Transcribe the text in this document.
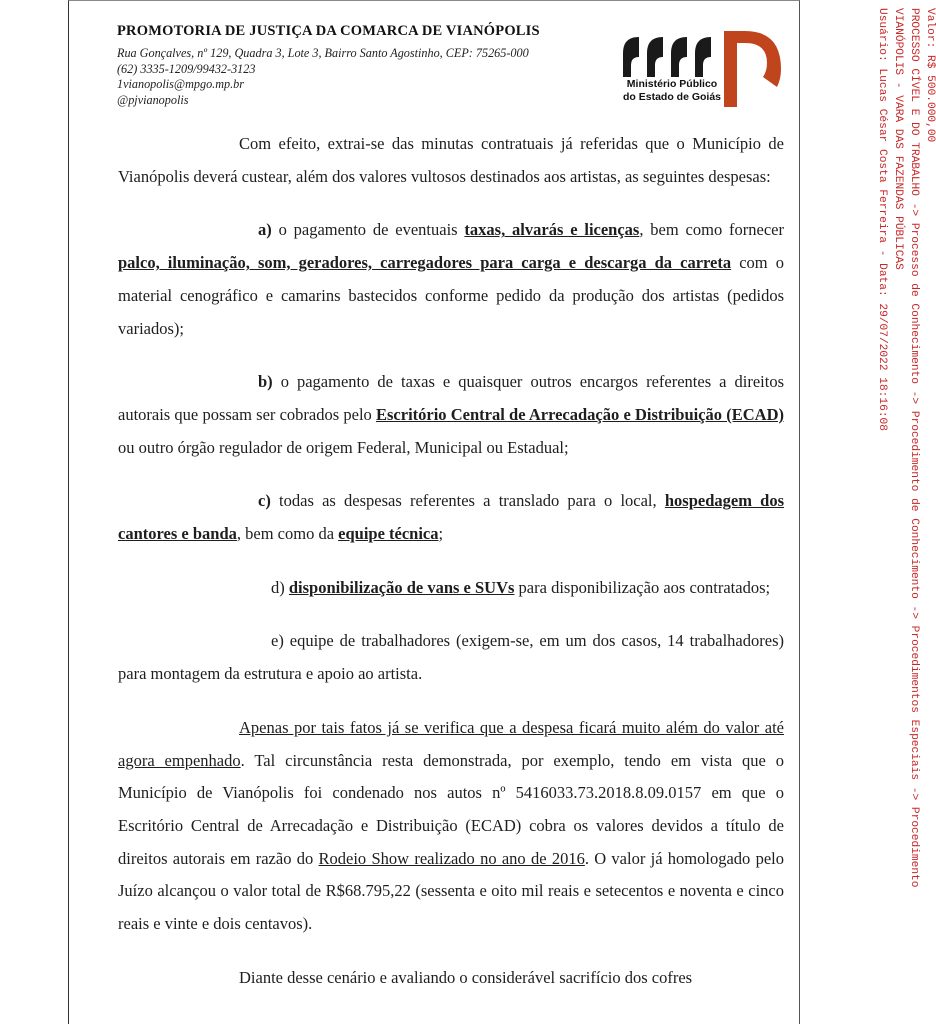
PROMOTORIA DE JUSTIÇA DA COMARCA DE VIANÓPOLIS
Rua Gonçalves, nº 129, Quadra 3, Lote 3, Bairro Santo Agostinho, CEP: 75265-000
(62) 3335-1209/99432-3123
1vianopolis@mpgo.mp.br
@pjvianopolis
Ministério Público
do Estado de Goiás

Com efeito, extrai-se das minutas contratuais já referidas que o Município de Vianópolis deverá custear, além dos valores vultosos destinados aos artistas, as seguintes despesas:

a) o pagamento de eventuais taxas, alvarás e licenças, bem como fornecer palco, iluminação, som, geradores, carregadores para carga e descarga da carreta com o material cenográfico e camarins bastecidos conforme pedido da produção dos artistas (pedidos variados);

b) o pagamento de taxas e quaisquer outros encargos referentes a direitos autorais que possam ser cobrados pelo Escritório Central de Arrecadação e Distribuição (ECAD) ou outro órgão regulador de origem Federal, Municipal ou Estadual;

c) todas as despesas referentes a translado para o local, hospedagem dos cantores e banda, bem como da equipe técnica;

d) disponibilização de vans e SUVs para disponibilização aos contratados;

e) equipe de trabalhadores (exigem-se, em um dos casos, 14 trabalhadores) para montagem da estrutura e apoio ao artista.

Apenas por tais fatos já se verifica que a despesa ficará muito além do valor até agora empenhado. Tal circunstância resta demonstrada, por exemplo, tendo em vista que o Município de Vianópolis foi condenado nos autos nº 5416033.73.2018.8.09.0157 em que o Escritório Central de Arrecadação e Distribuição (ECAD) cobra os valores devidos a título de direitos autorais em razão do Rodeio Show realizado no ano de 2016. O valor já homologado pelo Juízo alcançou o valor total de R$68.795,22 (sessenta e oito mil reais e setecentos e noventa e cinco reais e vinte e dois centavos).

Diante desse cenário e avaliando o considerável sacrifício dos cofres

Valor: R$ 500.000,00
PROCESSO CÍVEL E DO TRABALHO -> Processo de Conhecimento -> Procedimento de Conhecimento -> Procedimentos Especiais -> Procedimento
VIANÓPOLIS - VARA DAS FAZENDAS PÚBLICAS
Usuário: Lucas César Costa Ferreira - Data: 29/07/2022 18:16:08
